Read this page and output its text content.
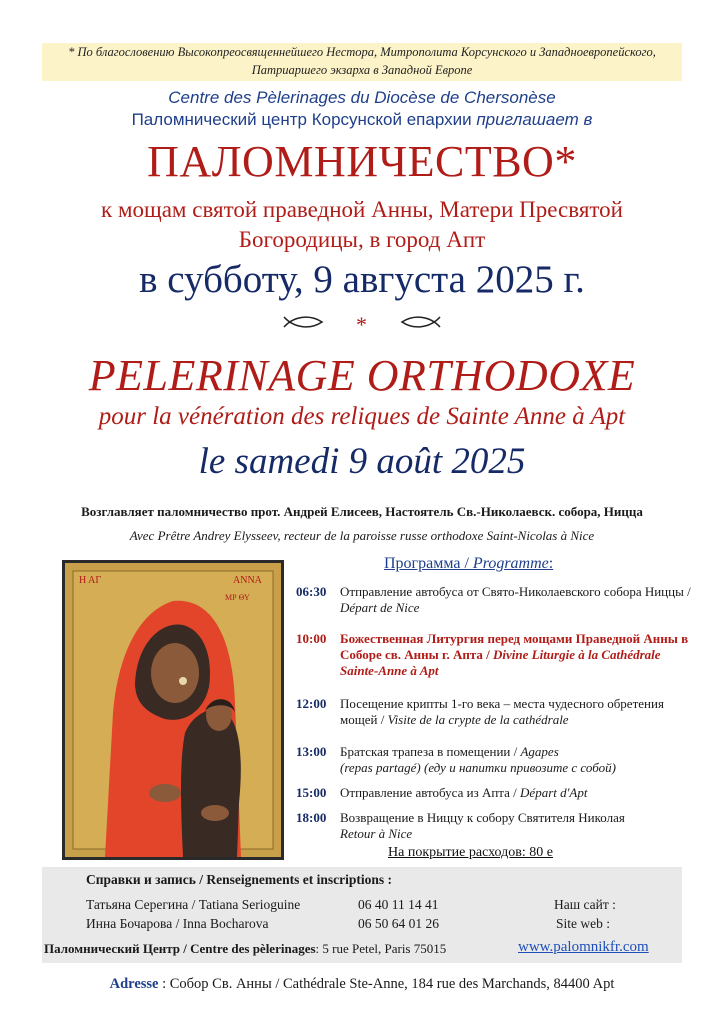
* По благословению Высокопреосвященнейшего Нестора, Митрополита Корсунского и Западноевропейского, Патриаршего экзарха в Западной Европе
Centre des Pèlerinages du Diocèse de Chersonèse
Паломнический центр Корсунской епархии приглашает в
ПАЛОМНИЧЕСТВО*
к мощам святой праведной Анны, Матери Пресвятой Богородицы, в город Апт
в субботу, 9 августа 2025 г.
*
PELERINAGE ORTHODOXE
pour la vénération des reliques de Sainte Anne à Apt
le samedi 9 août 2025
Возглавляет паломничество прот. Андрей Елисеев, Настоятель Св.-Николаевск. собора, Ницца
Avec Prêtre Andrey Elysseev, recteur de la paroisse russe orthodoxe Saint-Nicolas à Nice
Η ΑΓ	ΑΝΝΑ
ΜΡ ΘΥ
Программа / Programme:
06:30 Отправление автобуса от Свято-Николаевского собора Ниццы / Départ de Nice
10:00 Божественная Литургия перед мощами Праведной Анны в Соборе св. Анны г. Апта / Divine Liturgie à la Cathédrale Sainte-Anne à Apt
12:00 Посещение крипты 1-го века – места чудесного обретения мощей / Visite de la crypte de la cathédrale
13:00 Братская трапеза в помещении / Agapes
(repas partagé) (еду и напитки привозите с собой)
15:00 Отправление автобуса из Апта / Départ d'Apt
18:00 Возвращение в Ниццу к собору Святителя Николая
Retour à Nice
На покрытие расходов: 80 е
Справки и запись / Renseignements et inscriptions :
Татьяна Серегина / Tatiana Serioguine	06 40 11 14 41	Наш сайт :
Инна Бочарова / Inna Bocharova	06 50 64 01 26	Site web :
Паломнический Центр / Centre des pèlerinages: 5 rue Petel, Paris 75015	www.palomnikfr.com
Adresse : Собор Св. Анны / Cathédrale Ste-Anne, 184 rue des Marchands, 84400 Apt
